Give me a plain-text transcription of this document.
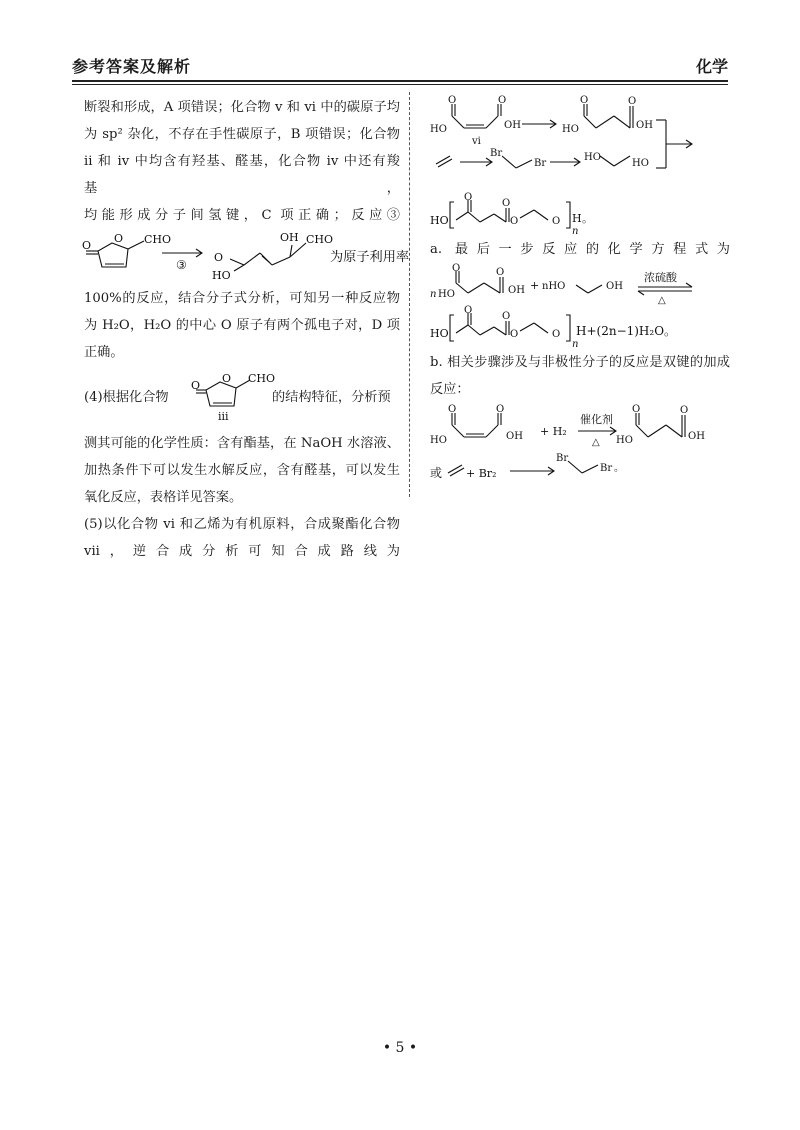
参考答案及解析	化学
断裂和形成，A 项错误；化合物 v 和 vi 中的碳原子均
为 sp² 杂化，不存在手性碳原子，B 项错误；化合物
ii 和 iv 中均含有羟基、醛基，化合物 iv 中还有羧基，
均能形成分子间氢键，C 项正确；反应③
O
O	CHO
③
O
HO
OH CHO
为原子利用率
100%的反应，结合分子式分析，可知另一种反应物
为 H₂O，H₂O 的中心 O 原子有两个孤电子对，D 项
正确。
(4)根据化合物
O
O
CHO
iii
的结构特征，分析预
测其可能的化学性质：含有酯基，在 NaOH 水溶液、
加热条件下可以发生水解反应，含有醛基，可以发生
氧化反应，表格详见答案。
(5)以化合物 vi 和乙烯为有机原料，合成聚酯化合物
vii，逆合成分析可知合成路线为
O	O
HO	OH
vi
O	O
HO	OH
Br
Br
HO
HO
HO
O
O
O	O H
n
。
a. 最后一步反应的化学方程式为
O	O
n HO	OH + nHO	OH
浓硫酸
△
HO
O
O
O	O
n
H+(2n−1)H₂O。
b. 相关步骤涉及与非极性分子的反应是双键的加成
反应：
O	O
HO	OH + H₂
催化剂
△
O	O
HO	OH
或 + Br₂
Br
Br 。
• 5 •
